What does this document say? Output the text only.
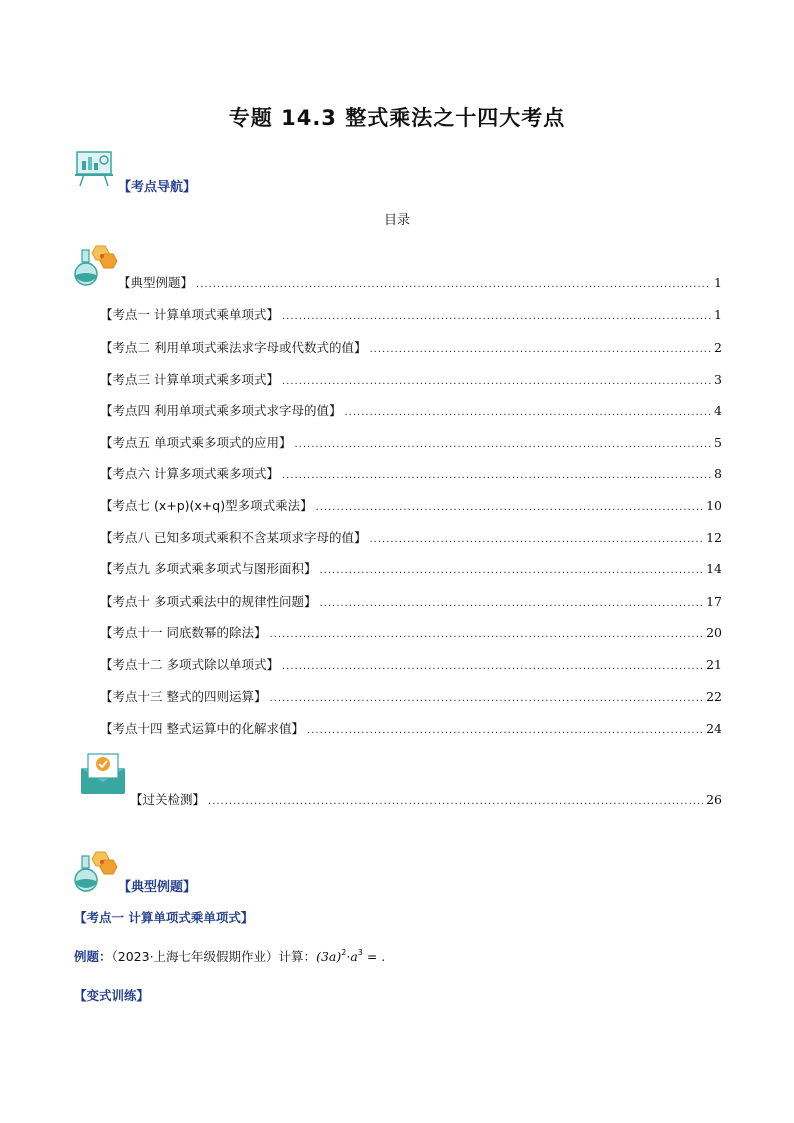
专题 14.3 整式乘法之十四大考点
【考点导航】
目录
【典型例题】 .....	1
【考点一 计算单项式乘单项式】 .....	1
【考点二 利用单项式乘法求字母或代数式的值】 .....	2
【考点三 计算单项式乘多项式】 .....	3
【考点四 利用单项式乘多项式求字母的值】 .....	4
【考点五 单项式乘多项式的应用】 .....	5
【考点六 计算多项式乘多项式】 .....	8
【考点七 (x+p)(x+q)型多项式乘法】 .....	10
【考点八 已知多项式乘积不含某项求字母的值】 .....	12
【考点九 多项式乘多项式与图形面积】 .....	14
【考点十 多项式乘法中的规律性问题】 .....	17
【考点十一 同底数幂的除法】 .....	20
【考点十二 多项式除以单项式】 .....	21
【考点十三 整式的四则运算】 .....	22
【考点十四 整式运算中的化解求值】 .....	24
【过关检测】 .....	26
【典型例题】
【考点一 计算单项式乘单项式】
例题：（2023·上海七年级假期作业）计算：$(3a)^2\cdot a^3$ = .
【变式训练】
